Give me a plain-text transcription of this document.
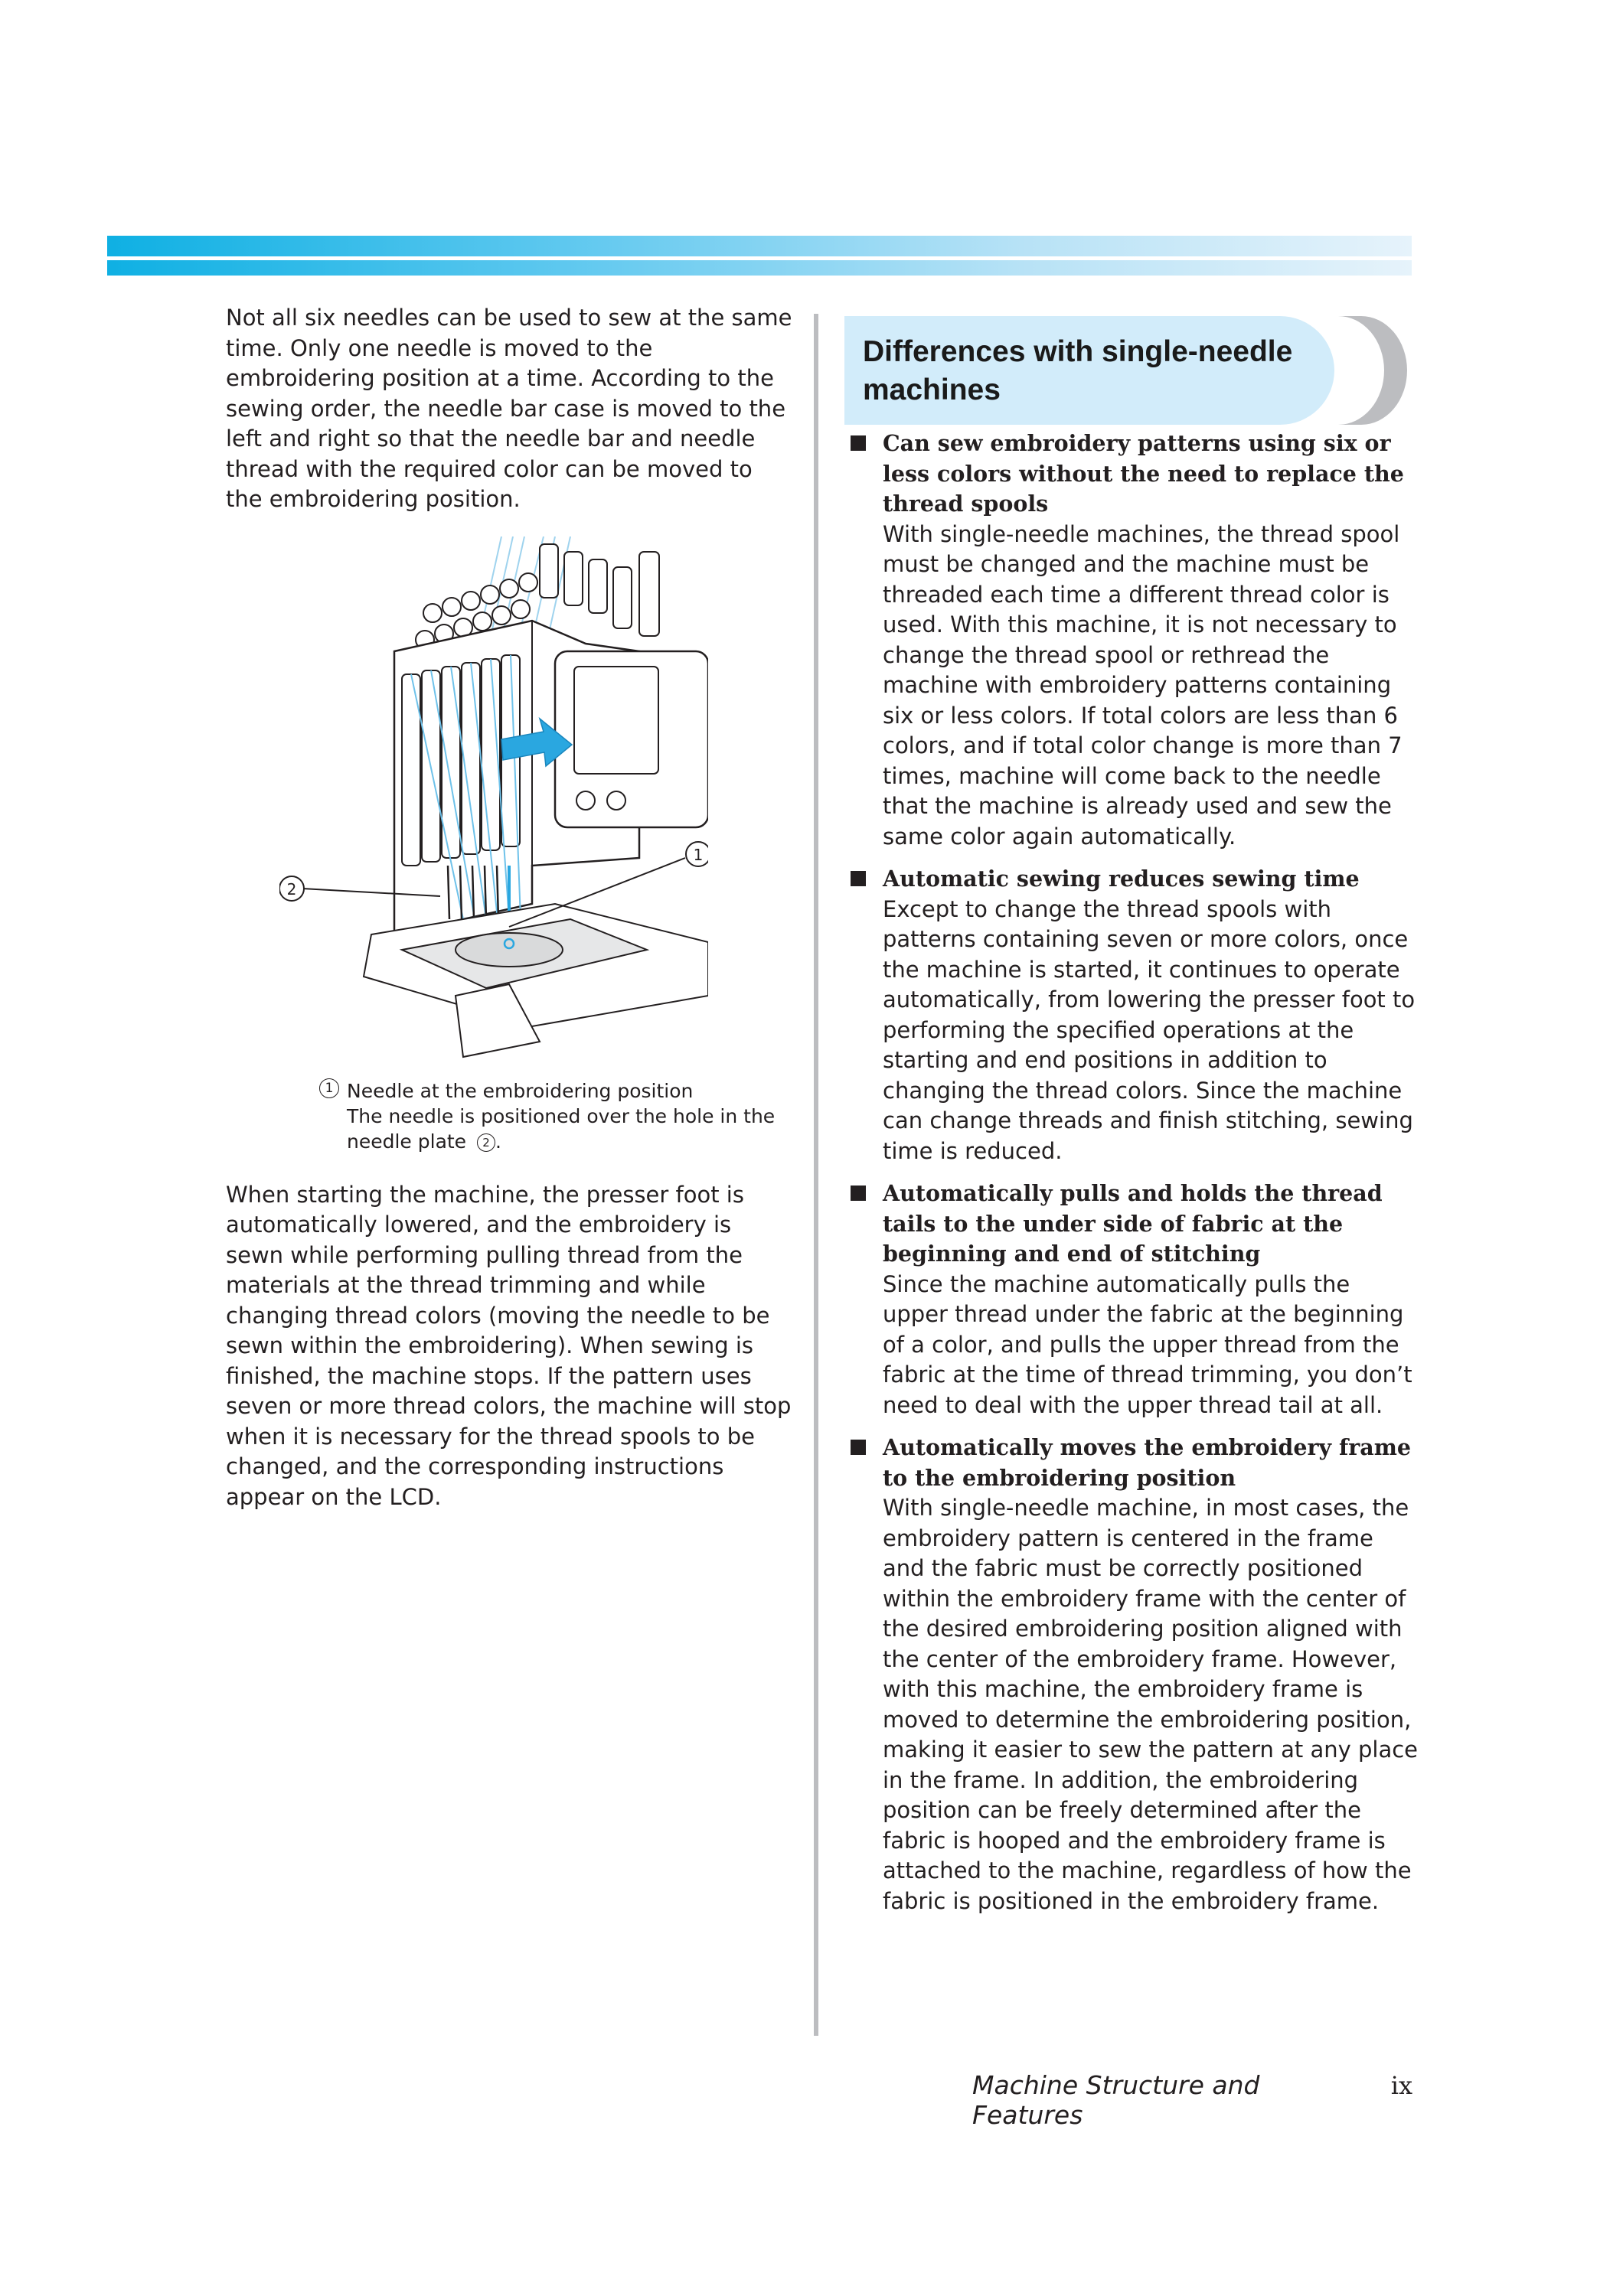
Not all six needles can be used to sew at the same time. Only one needle is moved to the embroidering position at a time. According to the sewing order, the needle bar case is moved to the left and right so that the needle bar and needle thread with the required color can be moved to the embroidering position.

1
2
1 Needle at the embroidering position
The needle is positioned over the hole in the
needle plate 2 .

When starting the machine, the presser foot is automatically lowered, and the embroidery is sewn while performing pulling thread from the materials at the thread trimming and while changing thread colors (moving the needle to be sewn within the embroidering). When sewing is finished, the machine stops. If the pattern uses seven or more thread colors, the machine will stop when it is necessary for the thread spools to be changed, and the corresponding instructions appear on the LCD.

Differences with single-needle machines

Can sew embroidery patterns using six or less colors without the need to replace the thread spools

With single-needle machines, the thread spool must be changed and the machine must be threaded each time a different thread color is used. With this machine, it is not necessary to change the thread spool or rethread the machine with embroidery patterns containing six or less colors. If total colors are less than 6 colors, and if total color change is more than 7 times, machine will come back to the needle that the machine is already used and sew the same color again automatically.

Automatic sewing reduces sewing time

Except to change the thread spools with patterns containing seven or more colors, once the machine is started, it continues to operate automatically, from lowering the presser foot to performing the specified operations at the starting and end positions in addition to changing the thread colors. Since the machine can change threads and finish stitching, sewing time is reduced.

Automatically pulls and holds the thread tails to the under side of fabric at the beginning and end of stitching

Since the machine automatically pulls the upper thread under the fabric at the beginning of a color, and pulls the upper thread from the fabric at the time of thread trimming, you don’t need to deal with the upper thread tail at all.

Automatically moves the embroidery frame to the embroidering position

With single-needle machine, in most cases, the embroidery pattern is centered in the frame and the fabric must be correctly positioned within the embroidery frame with the center of the desired embroidering position aligned with the center of the embroidery frame. However, with this machine, the embroidery frame is moved to determine the embroidering position, making it easier to sew the pattern at any place in the frame. In addition, the embroidering position can be freely determined after the fabric is hooped and the embroidery frame is attached to the machine, regardless of how the fabric is positioned in the embroidery frame.

Machine Structure and Features
ix
